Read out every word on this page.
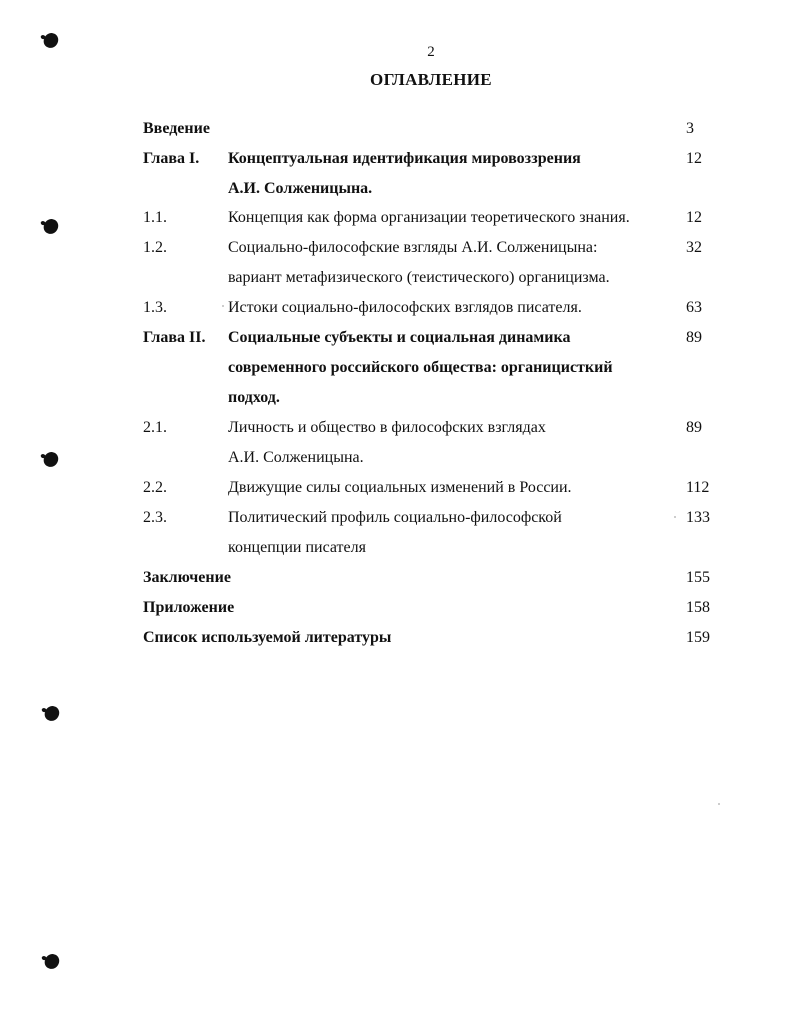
2
ОГЛАВЛЕНИЕ
Введение	3
Глава I. Концептуальная идентификация мировоззрения	12
А.И. Солженицына.
1.1.	Концепция как форма организации теоретического знания.	12
1.2.	Социально-философские взгляды А.И. Солженицына:	32
вариант метафизического (теистического) органицизма.
1.3.	Истоки социально-философских взглядов писателя.	63
Глава II. Социальные субъекты и социальная динамика	89
современного российского общества: органицисткий
подход.
2.1.	Личность и общество в философских взглядах	89
А.И. Солженицына.
2.2.	Движущие силы социальных изменений в России.	112
2.3.	Политический профиль социально-философской	133
концепции писателя
Заключение	155
Приложение	158
Список используемой литературы	159
